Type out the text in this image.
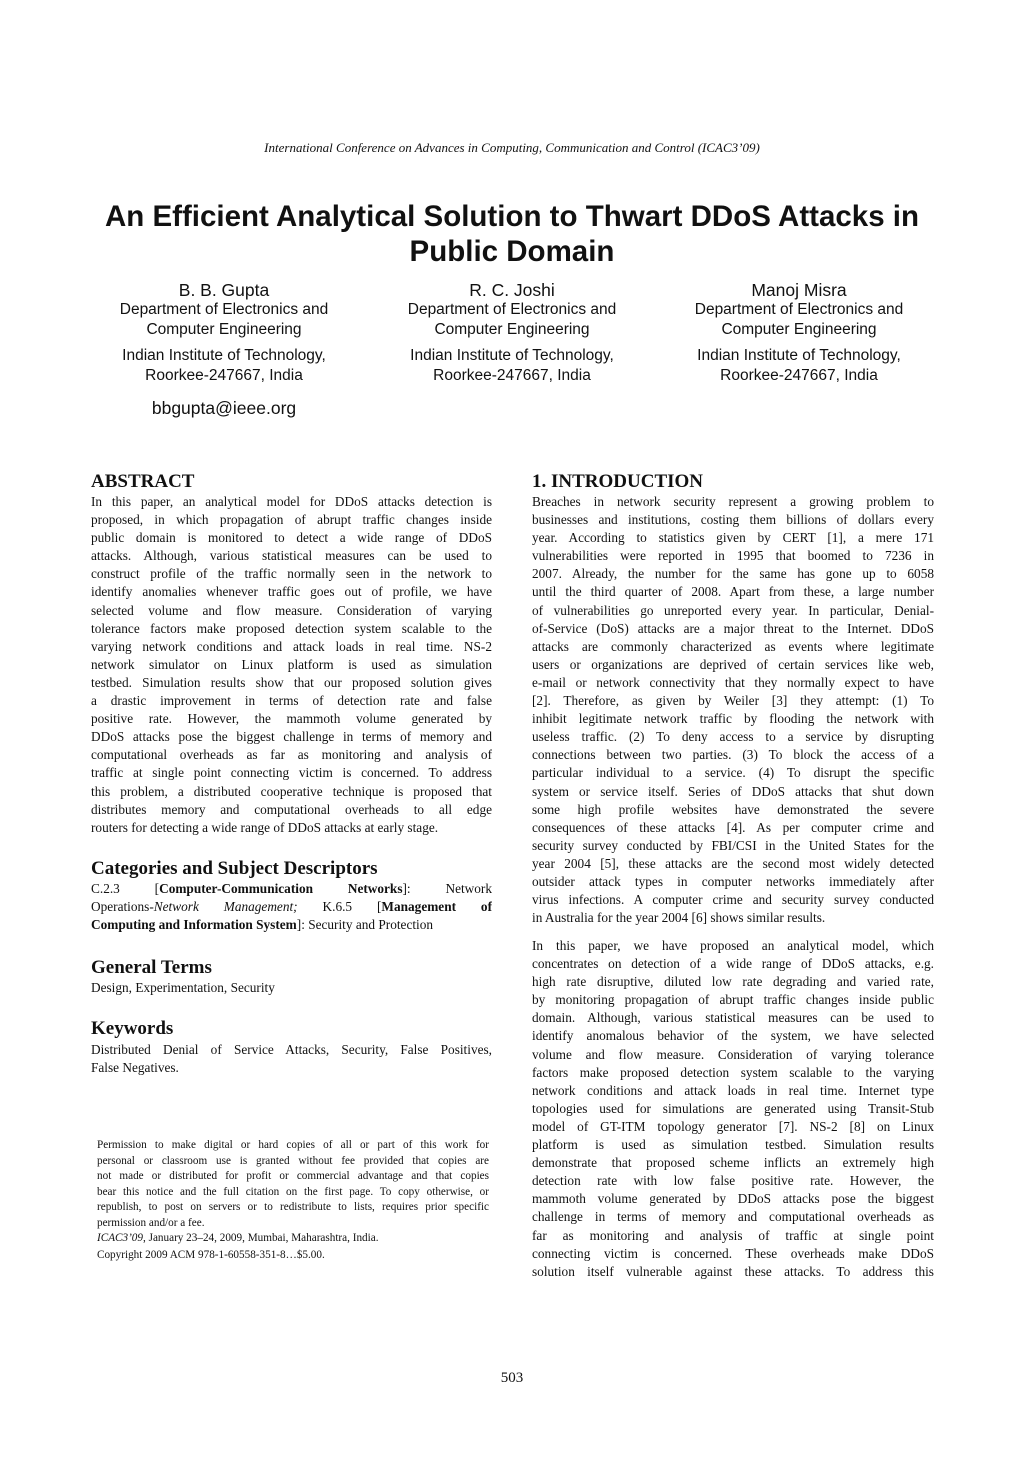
International Conference on Advances in Computing, Communication and Control (ICAC3’09)
An Efficient Analytical Solution to Thwart DDoS Attacks in
Public Domain
B. B. Gupta
Department of Electronics and
Computer Engineering
Indian Institute of Technology,
Roorkee-247667, India
bbgupta@ieee.org
R. C. Joshi
Department of Electronics and
Computer Engineering
Indian Institute of Technology,
Roorkee-247667, India
Manoj Misra
Department of Electronics and
Computer Engineering
Indian Institute of Technology,
Roorkee-247667, India
ABSTRACT
In this paper, an analytical model for DDoS attacks detection is
proposed, in which propagation of abrupt traffic changes inside
public domain is monitored to detect a wide range of DDoS
attacks. Although, various statistical measures can be used to
construct profile of the traffic normally seen in the network to
identify anomalies whenever traffic goes out of profile, we have
selected volume and flow measure. Consideration of varying
tolerance factors make proposed detection system scalable to the
varying network conditions and attack loads in real time. NS-2
network simulator on Linux platform is used as simulation
testbed. Simulation results show that our proposed solution gives
a drastic improvement in terms of detection rate and false
positive rate. However, the mammoth volume generated by
DDoS attacks pose the biggest challenge in terms of memory and
computational overheads as far as monitoring and analysis of
traffic at single point connecting victim is concerned. To address
this problem, a distributed cooperative technique is proposed that
distributes memory and computational overheads to all edge
routers for detecting a wide range of DDoS attacks at early stage.
Categories and Subject Descriptors
C.2.3	[Computer-Communication	Networks]:	Network
Operations-Network Management; K.6.5 [Management of
Computing and Information System]: Security and Protection
General Terms
Design, Experimentation, Security
Keywords
Distributed Denial of Service Attacks, Security, False Positives,
False Negatives.
Permission to make digital or hard copies of all or part of this work for
personal or classroom use is granted without fee provided that copies are
not made or distributed for profit or commercial advantage and that copies
bear this notice and the full citation on the first page. To copy otherwise, or
republish, to post on servers or to redistribute to lists, requires prior specific
permission and/or a fee.
ICAC3’09, January 23–24, 2009, Mumbai, Maharashtra, India.
Copyright 2009 ACM 978-1-60558-351-8…$5.00.
1. INTRODUCTION
Breaches in network security represent a growing problem to
businesses and institutions, costing them billions of dollars every
year. According to statistics given by CERT [1], a mere 171
vulnerabilities were reported in 1995 that boomed to 7236 in
2007. Already, the number for the same has gone up to 6058
until the third quarter of 2008. Apart from these, a large number
of vulnerabilities go unreported every year. In particular, Denial-
of-Service (DoS) attacks are a major threat to the Internet. DDoS
attacks are commonly characterized as events where legitimate
users or organizations are deprived of certain services like web,
e-mail or network connectivity that they normally expect to have
[2]. Therefore, as given by Weiler [3] they attempt: (1) To
inhibit legitimate network traffic by flooding the network with
useless traffic. (2) To deny access to a service by disrupting
connections between two parties. (3) To block the access of a
particular individual to a service. (4) To disrupt the specific
system or service itself. Series of DDoS attacks that shut down
some high profile websites have demonstrated the severe
consequences of these attacks [4]. As per computer crime and
security survey conducted by FBI/CSI in the United States for the
year 2004 [5], these attacks are the second most widely detected
outsider attack types in computer networks immediately after
virus infections. A computer crime and security survey conducted
in Australia for the year 2004 [6] shows similar results.
In this paper, we have proposed an analytical model, which
concentrates on detection of a wide range of DDoS attacks, e.g.
high rate disruptive, diluted low rate degrading and varied rate,
by monitoring propagation of abrupt traffic changes inside public
domain. Although, various statistical measures can be used to
identify anomalous behavior of the system, we have selected
volume and flow measure. Consideration of varying tolerance
factors make proposed detection system scalable to the varying
network conditions and attack loads in real time. Internet type
topologies used for simulations are generated using Transit-Stub
model of GT-ITM topology generator [7]. NS-2 [8] on Linux
platform is used as simulation testbed. Simulation results
demonstrate that proposed scheme inflicts an extremely high
detection rate with low false positive rate. However, the
mammoth volume generated by DDoS attacks pose the biggest
challenge in terms of memory and computational overheads as
far as monitoring and analysis of traffic at single point
connecting victim is concerned. These overheads make DDoS
solution itself vulnerable against these attacks. To address this
503
